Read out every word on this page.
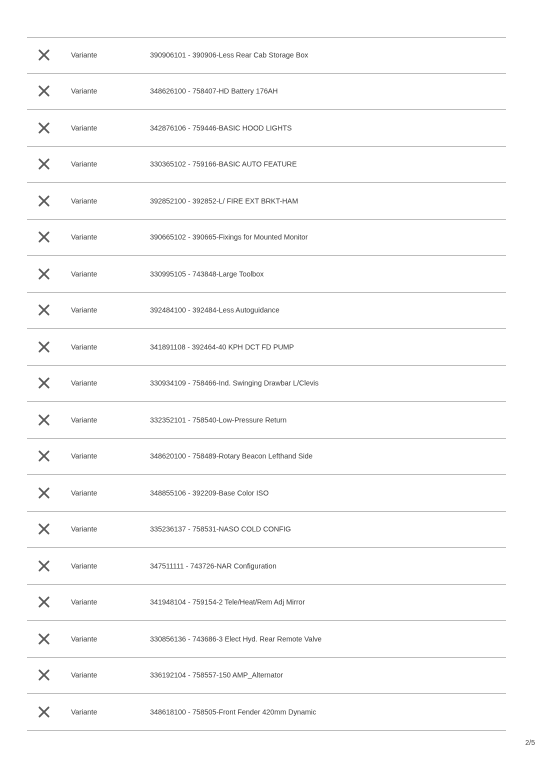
Variante	390906101 - 390906-Less Rear Cab Storage Box
Variante	348626100 - 758407-HD Battery 176AH
Variante	342876106 - 759446-BASIC HOOD LIGHTS
Variante	330365102 - 759166-BASIC AUTO FEATURE
Variante	392852100 - 392852-L/ FIRE EXT BRKT-HAM
Variante	390665102 - 390665-Fixings for Mounted Monitor
Variante	330995105 - 743848-Large Toolbox
Variante	392484100 - 392484-Less Autoguidance
Variante	341891108 - 392464-40 KPH DCT FD PUMP
Variante	330934109 - 758466-Ind. Swinging Drawbar L/Clevis
Variante	332352101 - 758540-Low-Pressure Return
Variante	348620100 - 758489-Rotary Beacon Lefthand Side
Variante	348855106 - 392209-Base Color ISO
Variante	335236137 - 758531-NASO COLD CONFIG
Variante	347511111 - 743726-NAR Configuration
Variante	341948104 - 759154-2 Tele/Heat/Rem Adj Mirror
Variante	330856136 - 743686-3 Elect Hyd. Rear Remote Valve
Variante	336192104 - 758557-150 AMP_Alternator
Variante	348618100 - 758505-Front Fender 420mm Dynamic
2/5
